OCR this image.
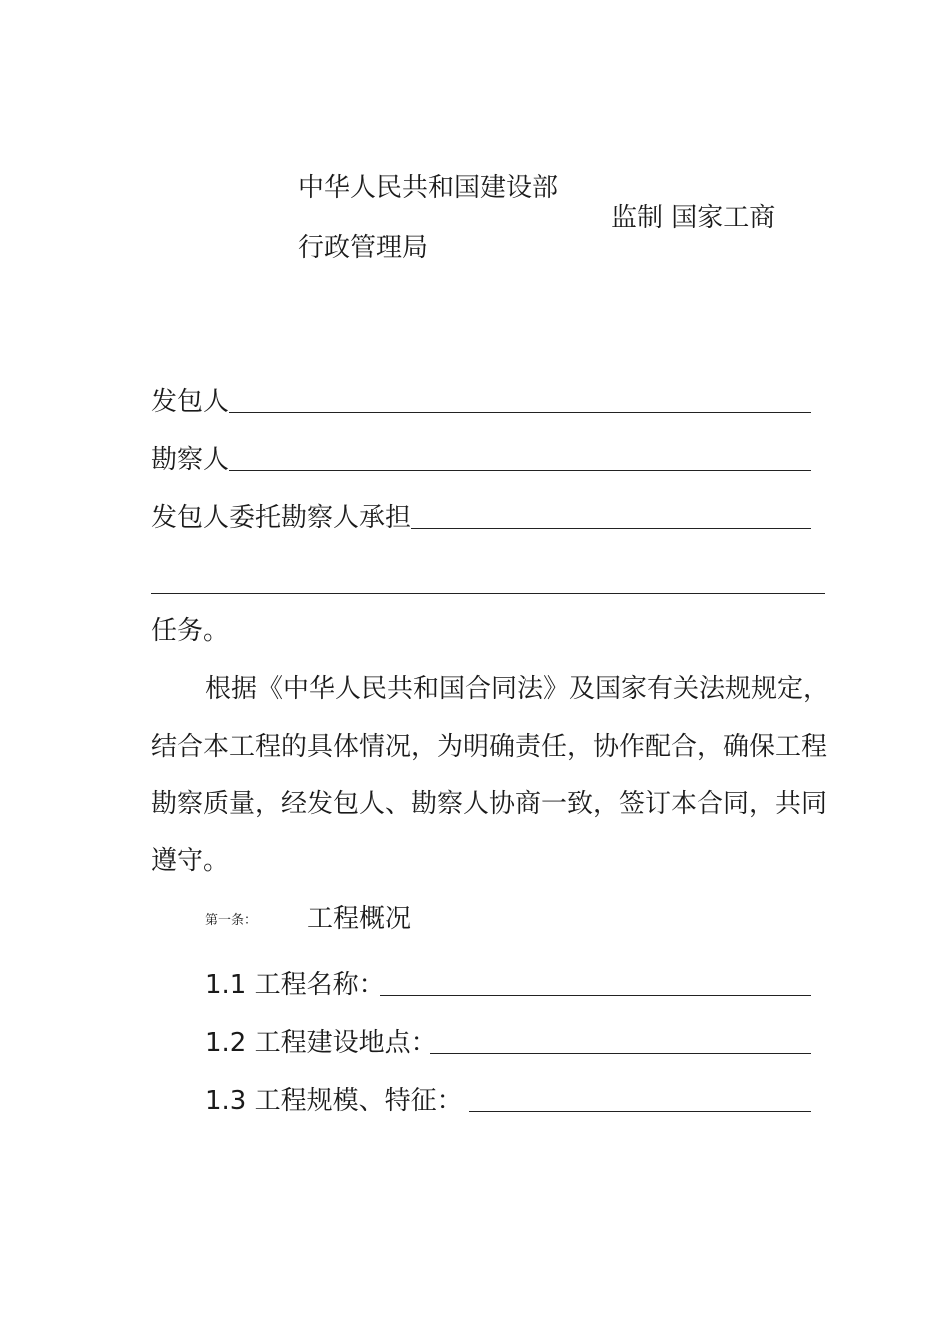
中华人民共和国建设部
监制 国家工商
行政管理局
发包人
勘察人
发包人委托勘察人承担
任务。
根据《中华人民共和国合同法》及国家有关法规规定，
结合本工程的具体情况，为明确责任，协作配合，确保工程
勘察质量，经发包人、勘察人协商一致，签订本合同，共同
遵守。
第一条： 工程概况
1.1 工程名称：
1.2 工程建设地点：
1.3 工程规模、特征：
